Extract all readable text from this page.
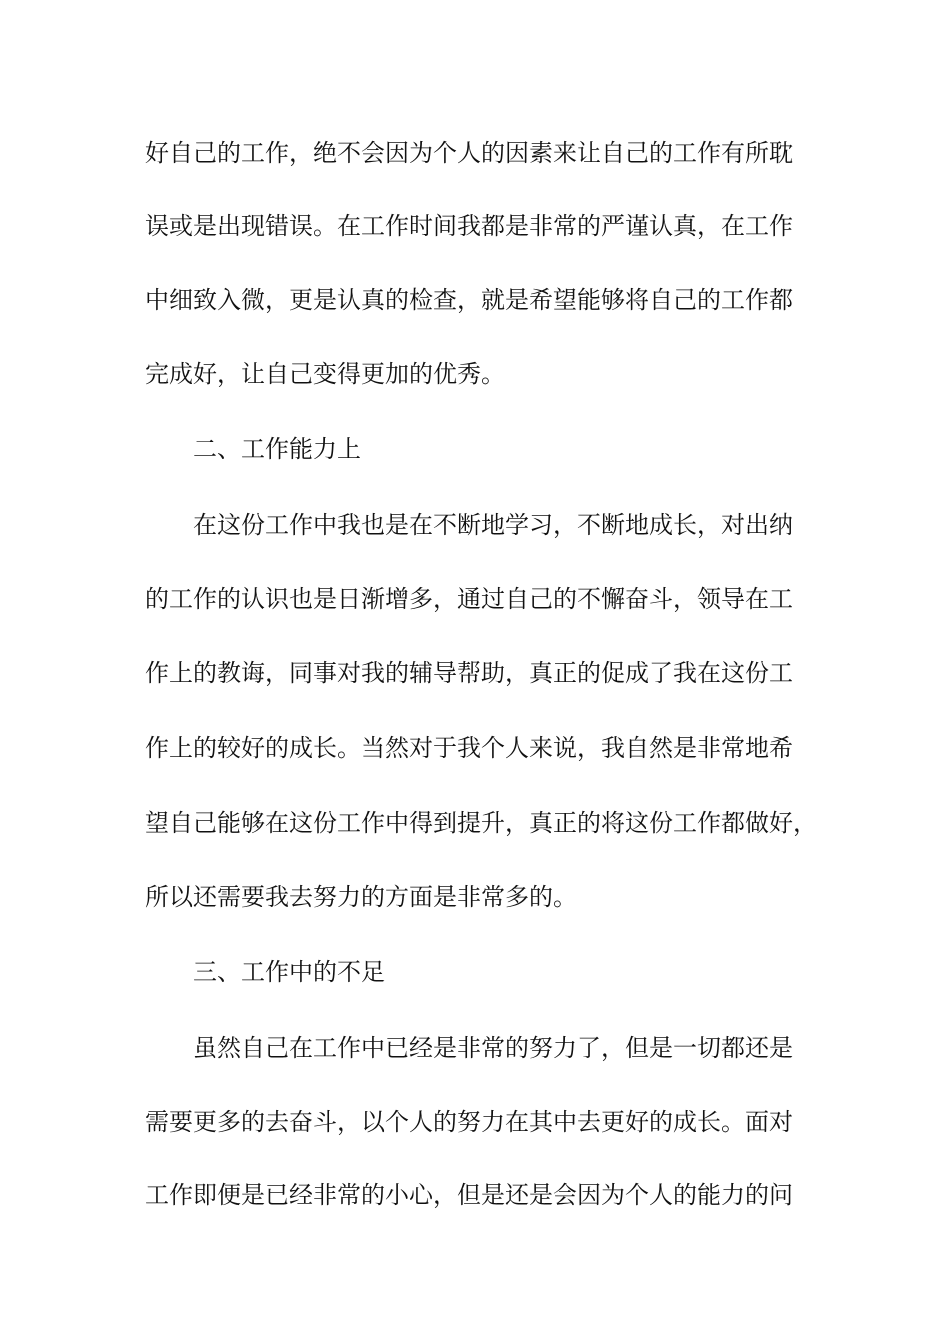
好自己的工作，绝不会因为个人的因素来让自己的工作有所耽
误或是出现错误。在工作时间我都是非常的严谨认真，在工作
中细致入微，更是认真的检查，就是希望能够将自己的工作都
完成好，让自己变得更加的优秀。
二、工作能力上
在这份工作中我也是在不断地学习，不断地成长，对出纳
的工作的认识也是日渐增多，通过自己的不懈奋斗，领导在工
作上的教诲，同事对我的辅导帮助，真正的促成了我在这份工
作上的较好的成长。当然对于我个人来说，我自然是非常地希
望自己能够在这份工作中得到提升，真正的将这份工作都做好，
所以还需要我去努力的方面是非常多的。
三、工作中的不足
虽然自己在工作中已经是非常的努力了，但是一切都还是
需要更多的去奋斗，以个人的努力在其中去更好的成长。面对
工作即便是已经非常的小心，但是还是会因为个人的能力的问
